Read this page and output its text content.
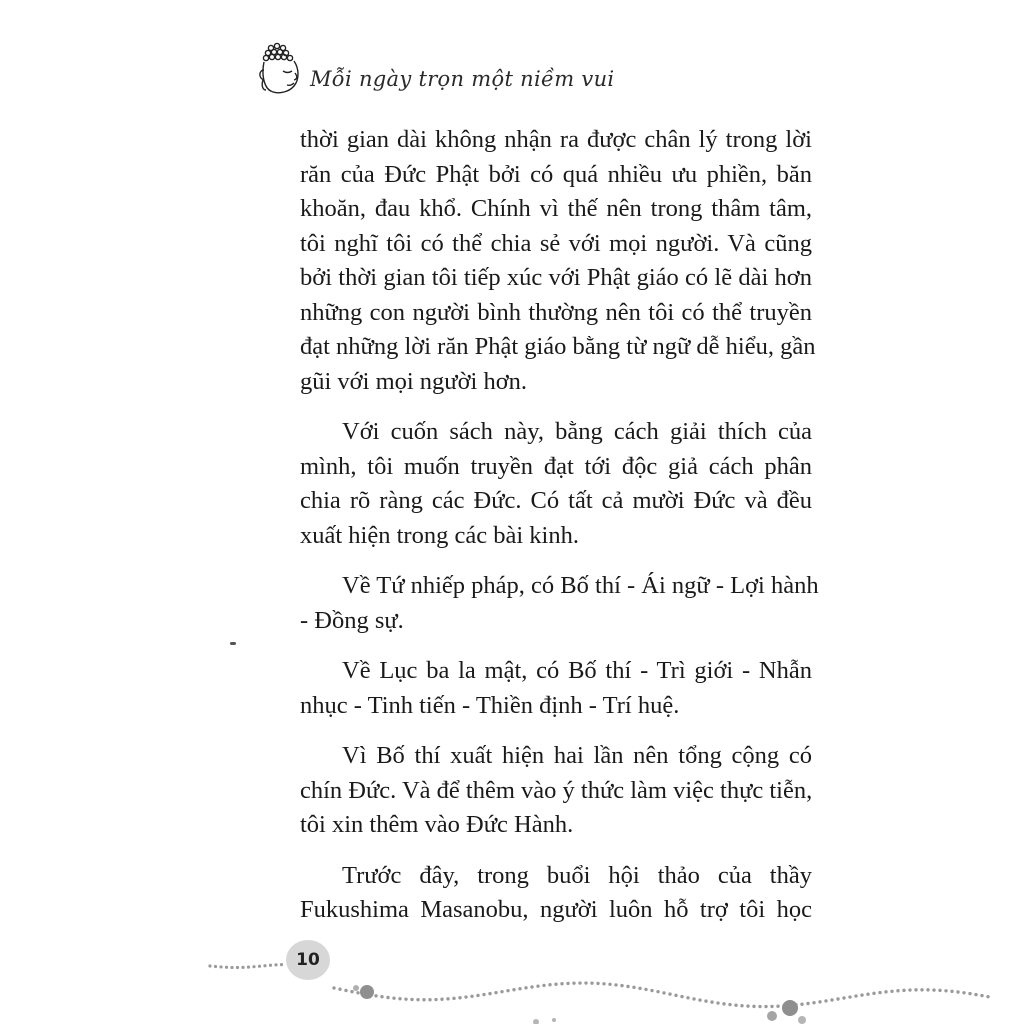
Mỗi ngày trọn một niềm vui
thời gian dài không nhận ra được chân lý trong lời
răn của Đức Phật bởi có quá nhiều ưu phiền, băn
khoăn, đau khổ. Chính vì thế nên trong thâm tâm,
tôi nghĩ tôi có thể chia sẻ với mọi người. Và cũng
bởi thời gian tôi tiếp xúc với Phật giáo có lẽ dài hơn
những con người bình thường nên tôi có thể truyền
đạt những lời răn Phật giáo bằng từ ngữ dễ hiểu, gần
gũi với mọi người hơn.
Với cuốn sách này, bằng cách giải thích của
mình, tôi muốn truyền đạt tới độc giả cách phân
chia rõ ràng các Đức. Có tất cả mười Đức và đều
xuất hiện trong các bài kinh.
Về Tứ nhiếp pháp, có Bố thí - Ái ngữ - Lợi hành
- Đồng sự.
Về Lục ba la mật, có Bố thí - Trì giới - Nhẫn
nhục - Tinh tiến - Thiền định - Trí huệ.
Vì Bố thí xuất hiện hai lần nên tổng cộng có
chín Đức. Và để thêm vào ý thức làm việc thực tiễn,
tôi xin thêm vào Đức Hành.
Trước đây, trong buổi hội thảo của thầy
Fukushima Masanobu, người luôn hỗ trợ tôi học
10
